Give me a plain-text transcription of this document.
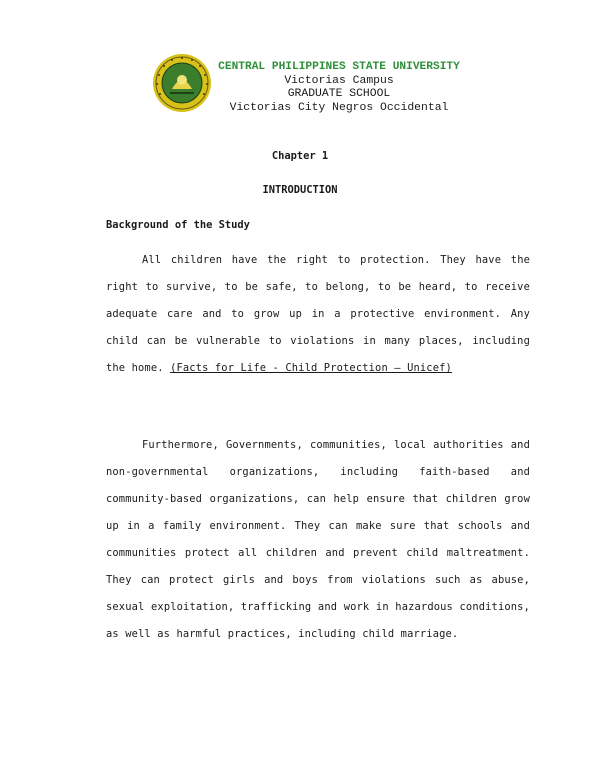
CENTRAL PHILIPPINES STATE UNIVERSITY
Victorias Campus
GRADUATE SCHOOL
Victorias City Negros Occidental
Chapter 1
INTRODUCTION
Background of the Study
All children have the right to protection. They have the right to survive, to be safe, to belong, to be heard, to receive adequate care and to grow up in a protective environment. Any child can be vulnerable to violations in many places, including the home. (Facts for Life - Child Protection – Unicef)
Furthermore, Governments, communities, local authorities and non-governmental organizations, including faith-based and community-based organizations, can help ensure that children grow up in a family environment. They can make sure that schools and communities protect all children and prevent child maltreatment. They can protect girls and boys from violations such as abuse, sexual exploitation, trafficking and work in hazardous conditions, as well as harmful practices, including child marriage.
